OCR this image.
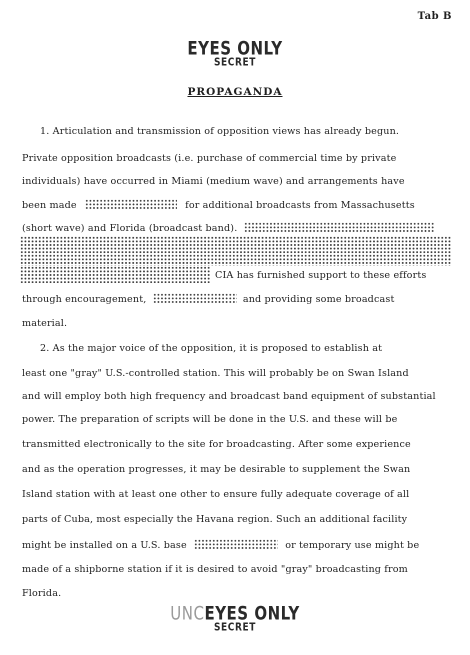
Tab B
EYES ONLY
SECRET
PROPAGANDA
1. Articulation and transmission of opposition views has already begun.
Private opposition broadcasts (i.e. purchase of commercial time by private
individuals) have occurred in Miami (medium wave) and arrangements have
been made	for additional broadcasts from Massachusetts
(short wave) and Florida (broadcast band).
CIA has furnished support to these efforts
through encouragement,	and providing some broadcast
material.
2. As the major voice of the opposition, it is proposed to establish at
least one "gray" U.S.-controlled station. This will probably be on Swan Island
and will employ both high frequency and broadcast band equipment of substantial
power. The preparation of scripts will be done in the U.S. and these will be
transmitted electronically to the site for broadcasting. After some experience
and as the operation progresses, it may be desirable to supplement the Swan
Island station with at least one other to ensure fully adequate coverage of all
parts of Cuba, most especially the Havana region. Such an additional facility
might be installed on a U.S. base	or temporary use might be
made of a shipborne station if it is desired to avoid "gray" broadcasting from
Florida.
UNCEYES ONLY
SECRET
